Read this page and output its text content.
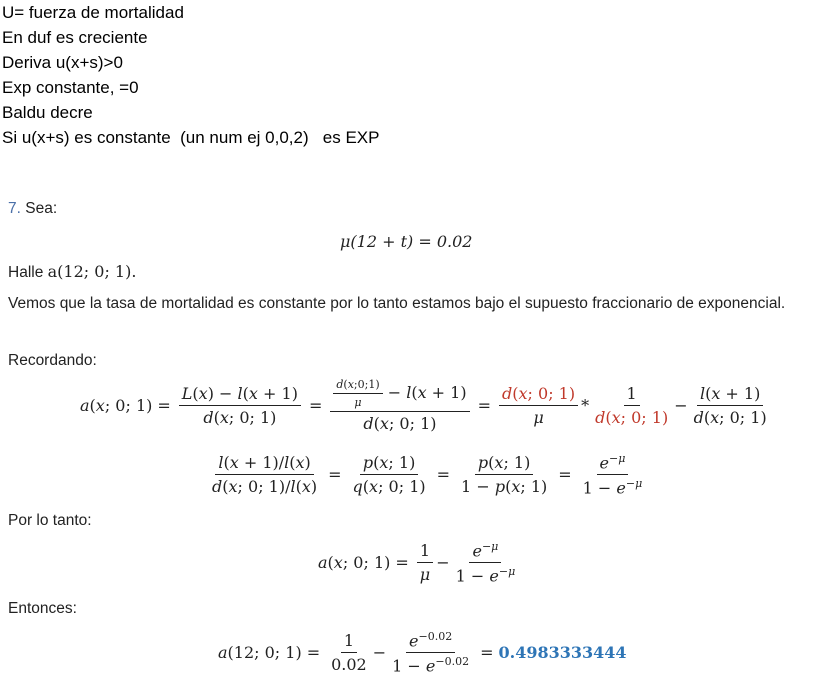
U= fuerza de mortalidad
En duf es creciente
Deriva u(x+s)>0
Exp constante, =0
Baldu decre
Si u(x+s) es constante  (un num ej 0,0,2)   es EXP
7. Sea:
μ(12 + t) = 0.02
Halle a(12; 0; 1).
Vemos que la tasa de mortalidad es constante por lo tanto estamos bajo el supuesto fraccionario de exponencial.
Recordando:
a(x; 0; $1) = \frac{L(x) - l(x + 1)}{d(x; 0; 1)} = \frac{\frac{d(x;0;1)}{\mu} - l(x + 1)}{d(x; 0; 1)} = \frac{d(x; 0; 1)}{\mu} * \frac{1}{d(x; 0; 1)} - \frac{l(x + 1)}{d(x; 0; 1)}$
$\frac{l(x + 1)/l(x)}{d(x; 0; 1)/l(x)} = \frac{p(x; 1)}{q(x; 0; 1)} = \frac{p(x; 1)}{1 - p(x; 1)} = \frac{e^{-\mu}}{1 - e^{-\mu}}$
Por lo tanto:
a(x; 0; $1) = \frac{1}{\mu} - \frac{e^{-\mu}}{1 - e^{-\mu}}$
Entonces:
a(12; 0; $1) = \frac{1}{0.02} - \frac{e^{-0.02}}{1 - e^{-0.02}} = 0.4983333444$
